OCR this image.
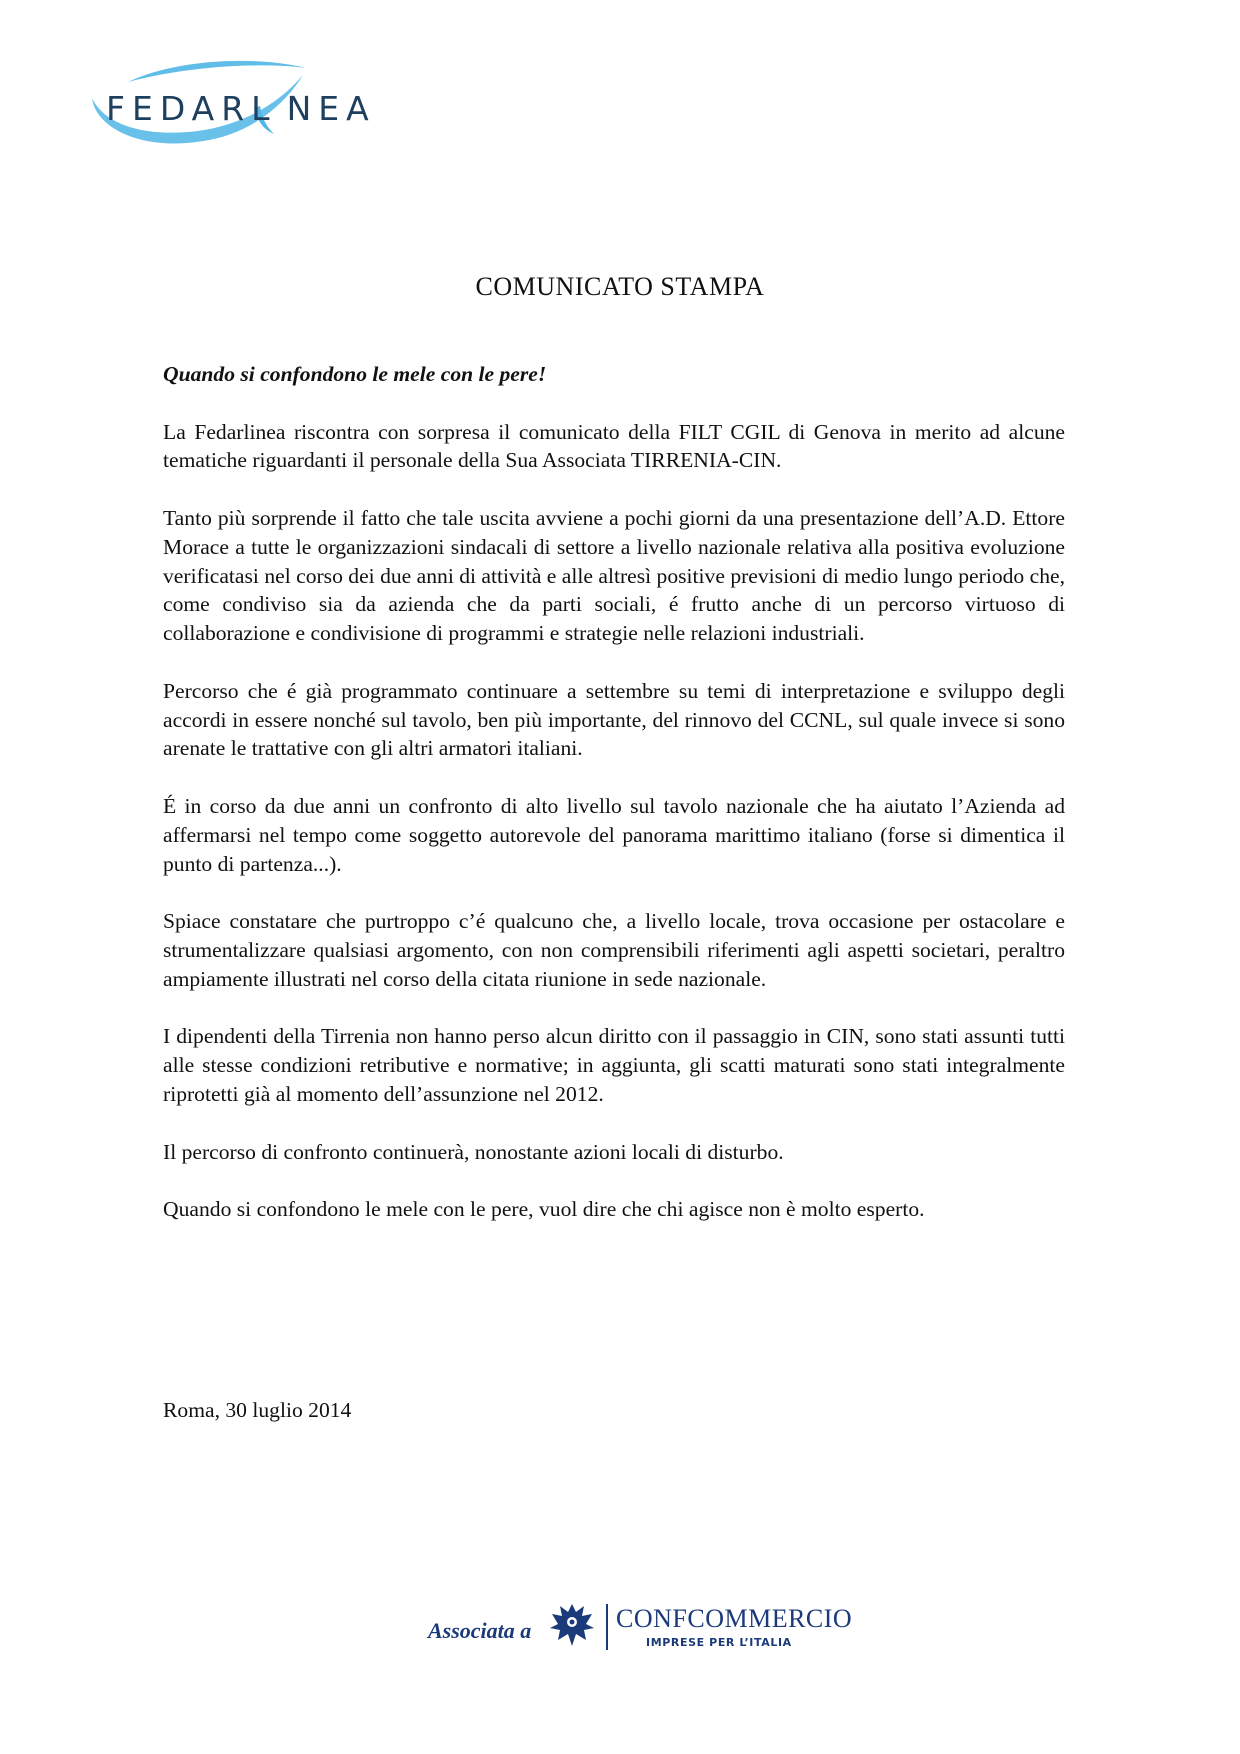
FEDARL NEA
COMUNICATO STAMPA

Quando si confondono le mele con le pere!

La Fedarlinea riscontra con sorpresa il comunicato della FILT CGIL di Genova in merito ad alcune tematiche riguardanti il personale della Sua Associata TIRRENIA-CIN.

Tanto più sorprende il fatto che tale uscita avviene a pochi giorni da una presentazione dell’A.D. Ettore Morace a tutte le organizzazioni sindacali di settore a livello nazionale relativa alla positiva evoluzione verificatasi nel corso dei due anni di attività e alle altresì positive previsioni di medio lungo periodo che, come condiviso sia da azienda che da parti sociali, é frutto anche di un percorso virtuoso di collaborazione e condivisione di programmi e strategie nelle relazioni industriali.

Percorso che é già programmato continuare a settembre su temi di interpretazione e sviluppo degli accordi in essere nonché sul tavolo, ben più importante, del rinnovo del CCNL, sul quale invece si sono arenate le trattative con gli altri armatori italiani.

É in corso da due anni un confronto di alto livello sul tavolo nazionale che ha aiutato l’Azienda ad affermarsi nel tempo come soggetto autorevole del panorama marittimo italiano (forse si dimentica il punto di partenza...).

Spiace constatare che purtroppo c’é qualcuno che, a livello locale, trova occasione per ostacolare e strumentalizzare qualsiasi argomento, con non comprensibili riferimenti agli aspetti societari, peraltro ampiamente illustrati nel corso della citata riunione in sede nazionale.

I dipendenti della Tirrenia non hanno perso alcun diritto con il passaggio in CIN, sono stati assunti tutti alle stesse condizioni retributive e normative; in aggiunta, gli scatti maturati sono stati integralmente riprotetti già al momento dell’assunzione nel 2012.

Il percorso di confronto continuerà, nonostante azioni locali di disturbo.

Quando si confondono le mele con le pere, vuol dire che chi agisce non è molto esperto.

Roma, 30 luglio 2014
Associata a	CONFCOMMERCIO
IMPRESE PER L’ITALIA
